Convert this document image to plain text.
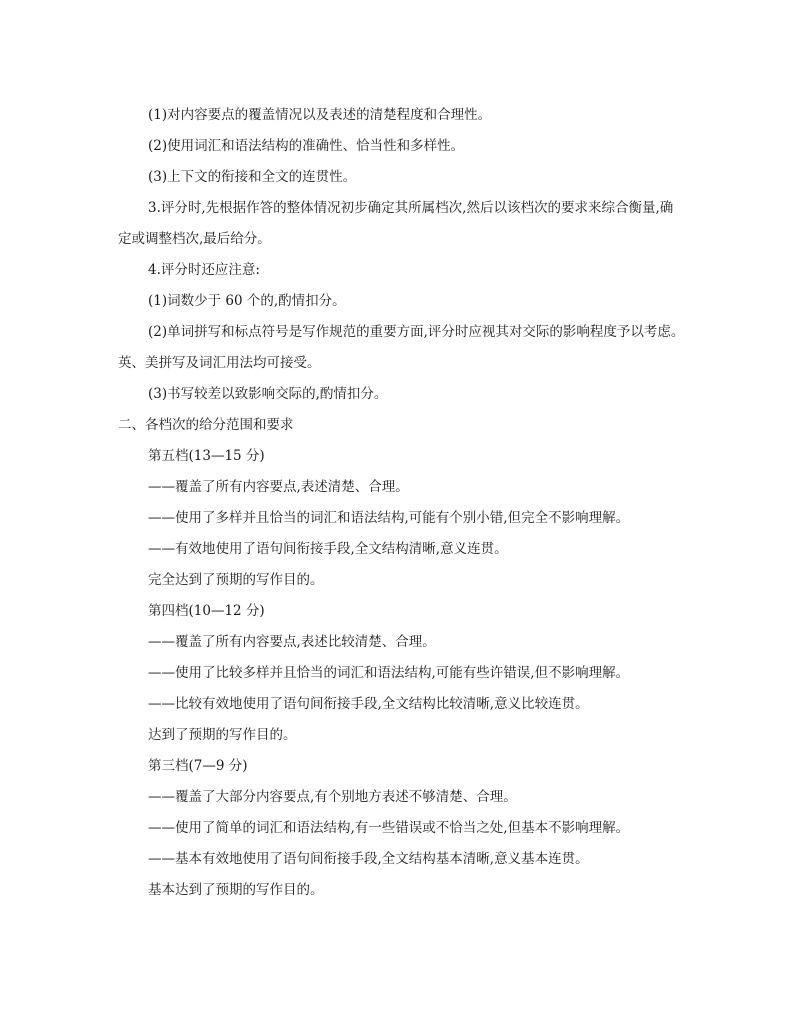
(1)对内容要点的覆盖情况以及表述的清楚程度和合理性。
(2)使用词汇和语法结构的准确性、恰当性和多样性。
(3)上下文的衔接和全文的连贯性。
3.评分时,先根据作答的整体情况初步确定其所属档次,然后以该档次的要求来综合衡量,确
定或调整档次,最后给分。
4.评分时还应注意:
(1)词数少于 60 个的,酌情扣分。
(2)单词拼写和标点符号是写作规范的重要方面,评分时应视其对交际的影响程度予以考虑。
英、美拼写及词汇用法均可接受。
(3)书写较差以致影响交际的,酌情扣分。
二、各档次的给分范围和要求
第五档(13—15 分)
——覆盖了所有内容要点,表述清楚、合理。
——使用了多样并且恰当的词汇和语法结构,可能有个别小错,但完全不影响理解。
——有效地使用了语句间衔接手段,全文结构清晰,意义连贯。
完全达到了预期的写作目的。
第四档(10—12 分)
——覆盖了所有内容要点,表述比较清楚、合理。
——使用了比较多样并且恰当的词汇和语法结构,可能有些许错误,但不影响理解。
——比较有效地使用了语句间衔接手段,全文结构比较清晰,意义比较连贯。
达到了预期的写作目的。
第三档(7—9 分)
——覆盖了大部分内容要点,有个别地方表述不够清楚、合理。
——使用了简单的词汇和语法结构,有一些错误或不恰当之处,但基本不影响理解。
——基本有效地使用了语句间衔接手段,全文结构基本清晰,意义基本连贯。
基本达到了预期的写作目的。
